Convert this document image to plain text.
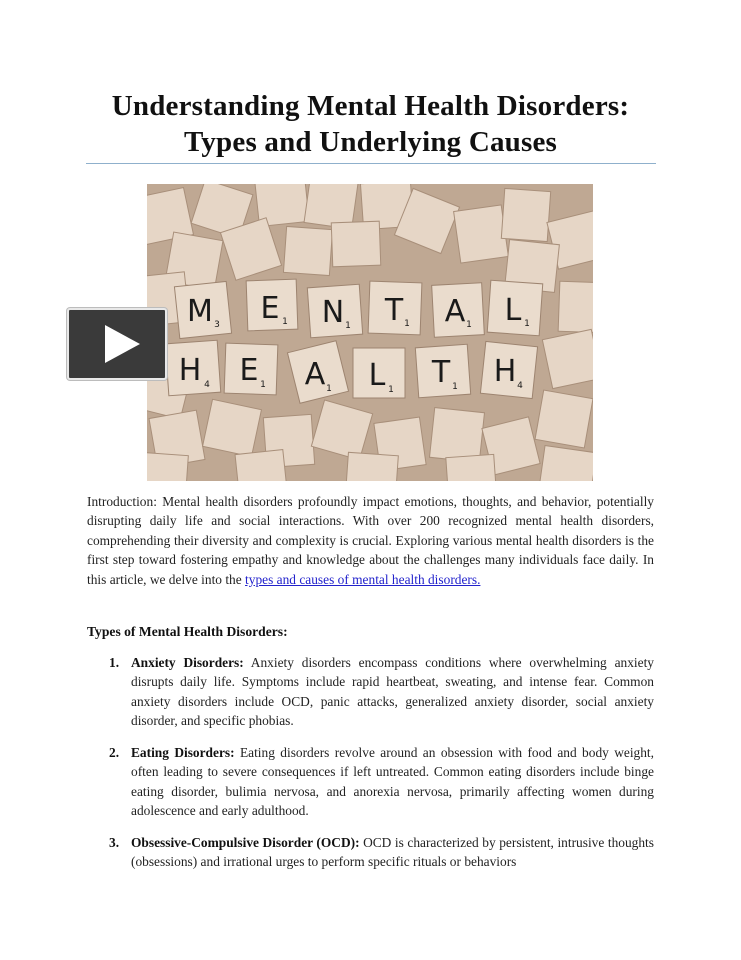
Understanding Mental Health Disorders:
Types and Underlying Causes
M E N T A L
3	1	1	1	1	1
H E A L T H
4	1	1	1	1	4

Introduction: Mental health disorders profoundly impact emotions, thoughts, and behavior, potentially disrupting daily life and social interactions. With over 200 recognized mental health disorders, comprehending their diversity and complexity is crucial. Exploring various mental health disorders is the first step toward fostering empathy and knowledge about the challenges many individuals face daily. In this article, we delve into the types and causes of mental health disorders.

Types of Mental Health Disorders:
1. Anxiety Disorders: Anxiety disorders encompass conditions where overwhelming anxiety disrupts daily life. Symptoms include rapid heartbeat, sweating, and intense fear. Common anxiety disorders include OCD, panic attacks, generalized anxiety disorder, social anxiety disorder, and specific phobias.
2. Eating Disorders: Eating disorders revolve around an obsession with food and body weight, often leading to severe consequences if left untreated. Common eating disorders include binge eating disorder, bulimia nervosa, and anorexia nervosa, primarily affecting women during adolescence and early adulthood.
3. Obsessive-Compulsive Disorder (OCD): OCD is characterized by persistent, intrusive thoughts (obsessions) and irrational urges to perform specific rituals or behaviors
